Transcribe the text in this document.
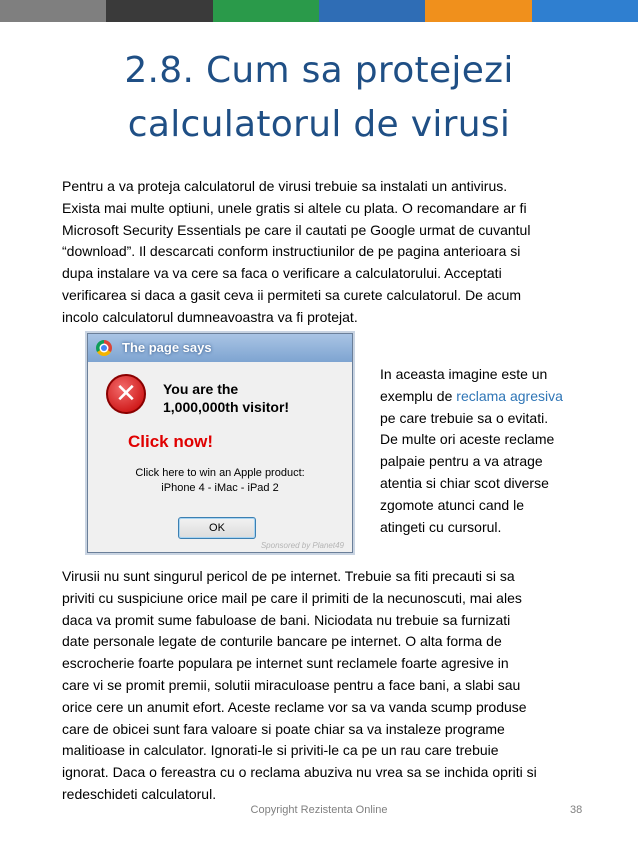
2.8. Cum sa protejezi
calculatorul de virusi
Pentru a va proteja calculatorul de virusi trebuie sa instalati un antivirus.
Exista mai multe optiuni, unele gratis si altele cu plata. O recomandare ar fi
Microsoft Security Essentials pe care il cautati pe Google urmat de cuvantul
“download”. Il descarcati conform instructiunilor de pe pagina anterioara si
dupa instalare va va cere sa faca o verificare a calculatorului. Acceptati
verificarea si daca a gasit ceva ii permiteti sa curete calculatorul. De acum
incolo calculatorul dumneavoastra va fi protejat.
The page says
✕	You are the
1,000,000th visitor!
Click now!
Click here to win an Apple product:
iPhone 4 - iMac - iPad 2
OK
Sponsored by Planet49
In aceasta imagine este un
exemplu de reclama agresiva
pe care trebuie sa o evitati.
De multe ori aceste reclame
palpaie pentru a va atrage
atentia si chiar scot diverse
zgomote atunci cand le
atingeti cu cursorul.
Virusii nu sunt singurul pericol de pe internet. Trebuie sa fiti precauti si sa
priviti cu suspiciune orice mail pe care il primiti de la necunoscuti, mai ales
daca va promit sume fabuloase de bani. Niciodata nu trebuie sa furnizati
date personale legate de conturile bancare pe internet. O alta forma de
escrocherie foarte populara pe internet sunt reclamele foarte agresive in
care vi se promit premii, solutii miraculoase pentru a face bani, a slabi sau
orice cere un anumit efort. Aceste reclame vor sa va vanda scump produse
care de obicei sunt fara valoare si poate chiar sa va instaleze programe
malitioase in calculator. Ignorati-le si priviti-le ca pe un rau care trebuie
ignorat. Daca o fereastra cu o reclama abuziva nu vrea sa se inchida opriti si
redeschideti calculatorul.
Copyright Rezistenta Online	38
